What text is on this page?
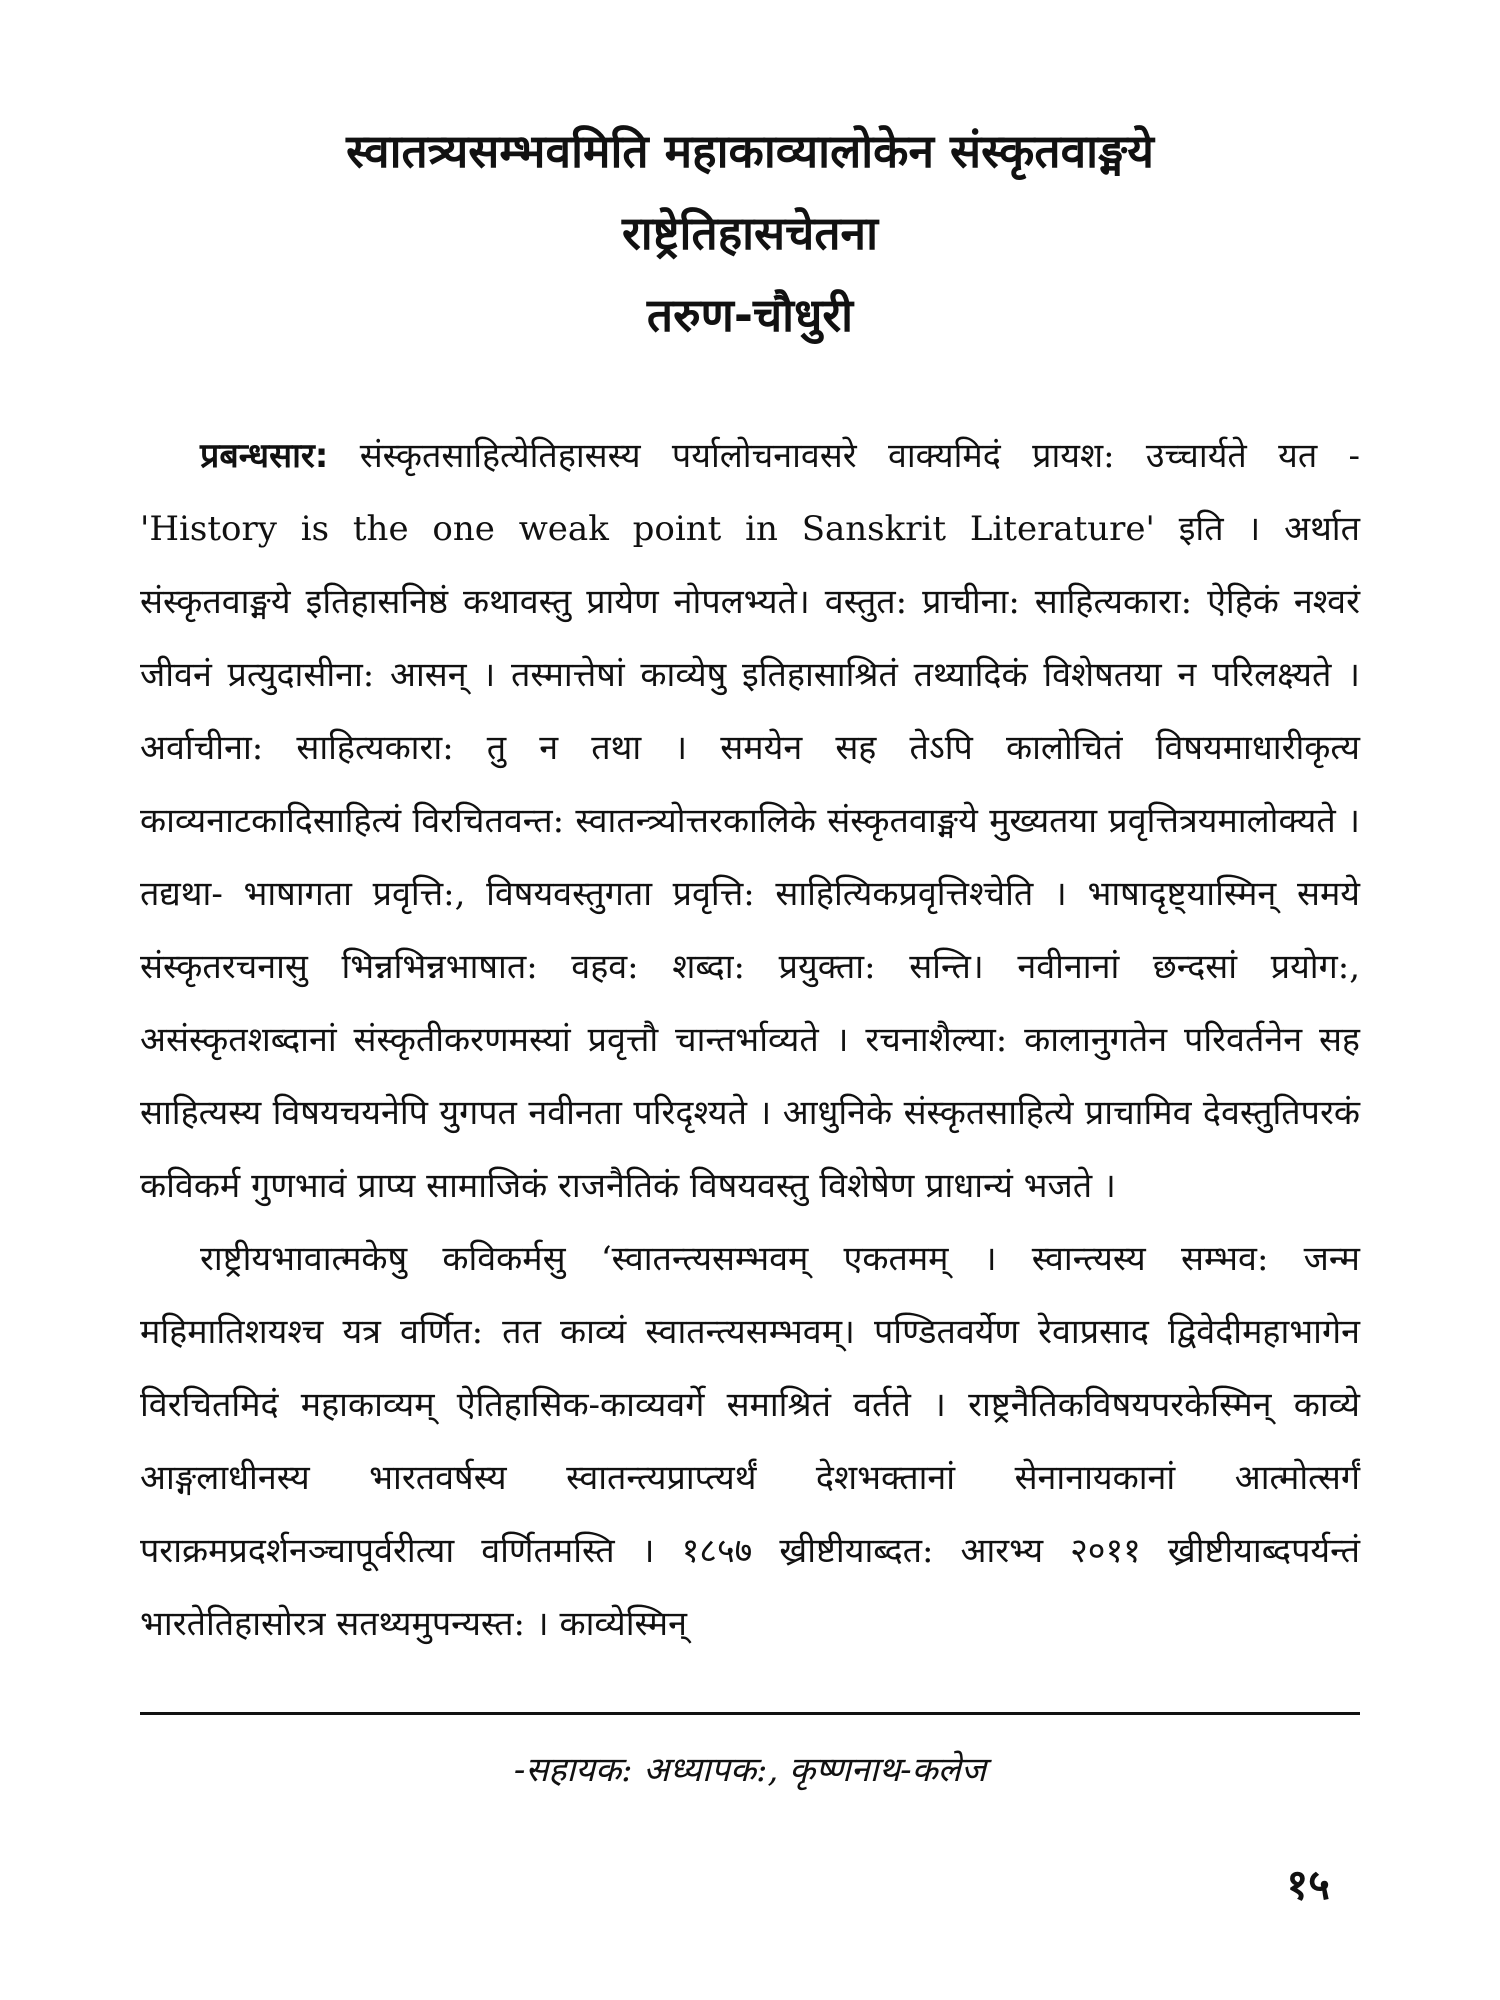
स्वातत्र्यसम्भवमिति महाकाव्यालोकेन संस्कृतवाङ्मये

राष्ट्रेतिहासचेतना

तरुण-चौधुरी

प्रबन्धसार: संस्कृतसाहित्येतिहासस्य पर्यालोचनावसरे वाक्यमिदं प्रायश: उच्चार्यते यत - 'History is the one weak point in Sanskrit Literature' इति । अर्थात संस्कृतवाङ्मये इतिहासनिष्ठं कथावस्तु प्रायेण नोपलभ्यते। वस्तुत: प्राचीना: साहित्यकारा: ऐहिकं नश्वरं जीवनं प्रत्युदासीना: आसन् । तस्मात्तेषां काव्येषु इतिहासाश्रितं तथ्यादिकं विशेषतया न परिलक्ष्यते । अर्वाचीना: साहित्यकारा: तु न तथा । समयेन सह तेऽपि कालोचितं विषयमाधारीकृत्य काव्यनाटकादिसाहित्यं विरचितवन्त: स्वातन्त्र्योत्तरकालिके संस्कृतवाङ्मये मुख्यतया प्रवृत्तित्रयमालोक्यते । तद्यथा- भाषागता प्रवृत्ति:, विषयवस्तुगता प्रवृत्ति: साहित्यिकप्रवृत्तिश्चेति । भाषादृष्ट्यास्मिन् समये संस्कृतरचनासु भिन्नभिन्नभाषात: वहव: शब्दा: प्रयुक्ता: सन्ति। नवीनानां छन्दसां प्रयोग:, असंस्कृतशब्दानां संस्कृतीकरणमस्यां प्रवृत्तौ चान्तर्भाव्यते । रचनाशैल्या: कालानुगतेन परिवर्तनेन सह साहित्यस्य विषयचयनेपि युगपत नवीनता परिदृश्यते । आधुनिके संस्कृतसाहित्ये प्राचामिव देवस्तुतिपरकं कविकर्म गुणभावं प्राप्य सामाजिकं राजनैतिकं विषयवस्तु विशेषेण प्राधान्यं भजते ।

राष्ट्रीयभावात्मकेषु कविकर्मसु ‘स्वातन्त्यसम्भवम् एकतमम् । स्वान्त्यस्य सम्भव: जन्म महिमातिशयश्च यत्र वर्णित: तत काव्यं स्वातन्त्यसम्भवम्। पण्डितवर्येण रेवाप्रसाद द्विवेदीमहाभागेन विरचितमिदं महाकाव्यम् ऐतिहासिक-काव्यवर्गे समाश्रितं वर्तते । राष्ट्रनैतिकविषयपरकेस्मिन् काव्ये आङ्गलाधीनस्य भारतवर्षस्य स्वातन्त्यप्राप्त्यर्थं देशभक्तानां सेनानायकानां आत्मोत्सर्गं पराक्रमप्रदर्शनञ्चापूर्वरीत्या वर्णितमस्ति । १८५७ ख्रीष्टीयाब्दत: आरभ्य २०११ ख्रीष्टीयाब्दपर्यन्तं भारतेतिहासोरत्र सतथ्यमुपन्यस्त: । काव्येस्मिन्

-सहायक: अध्यापक:, कृष्णनाथ-कलेज
१५
